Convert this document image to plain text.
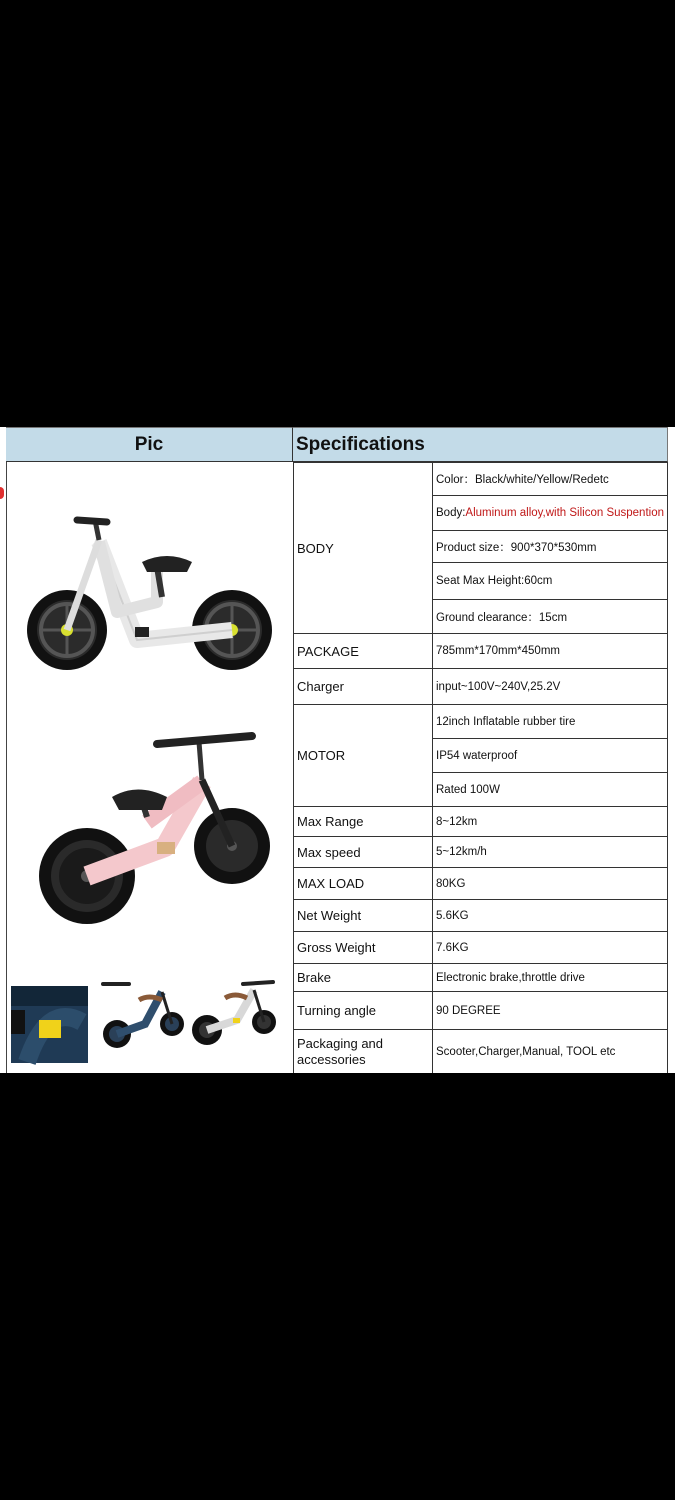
Pic	Specifications
BODY	Color：Black/white/Yellow/Redetc
	Body:Aluminum alloy,with Silicon Suspention
	Product size：900*370*530mm
	Seat Max Height:60cm
	Ground clearance：15cm
PACKAGE	785mm*170mm*450mm
Charger	input~100V~240V,25.2V
MOTOR	12inch Inflatable rubber tire
	IP54 waterproof
	Rated 100W
Max Range	8~12km
Max speed	5~12km/h
MAX LOAD	80KG
Net Weight	5.6KG
Gross Weight	7.6KG
Brake	Electronic brake,throttle drive
Turning angle	90 DEGREE
Packaging and accessories	Scooter,Charger,Manual, TOOL etc
